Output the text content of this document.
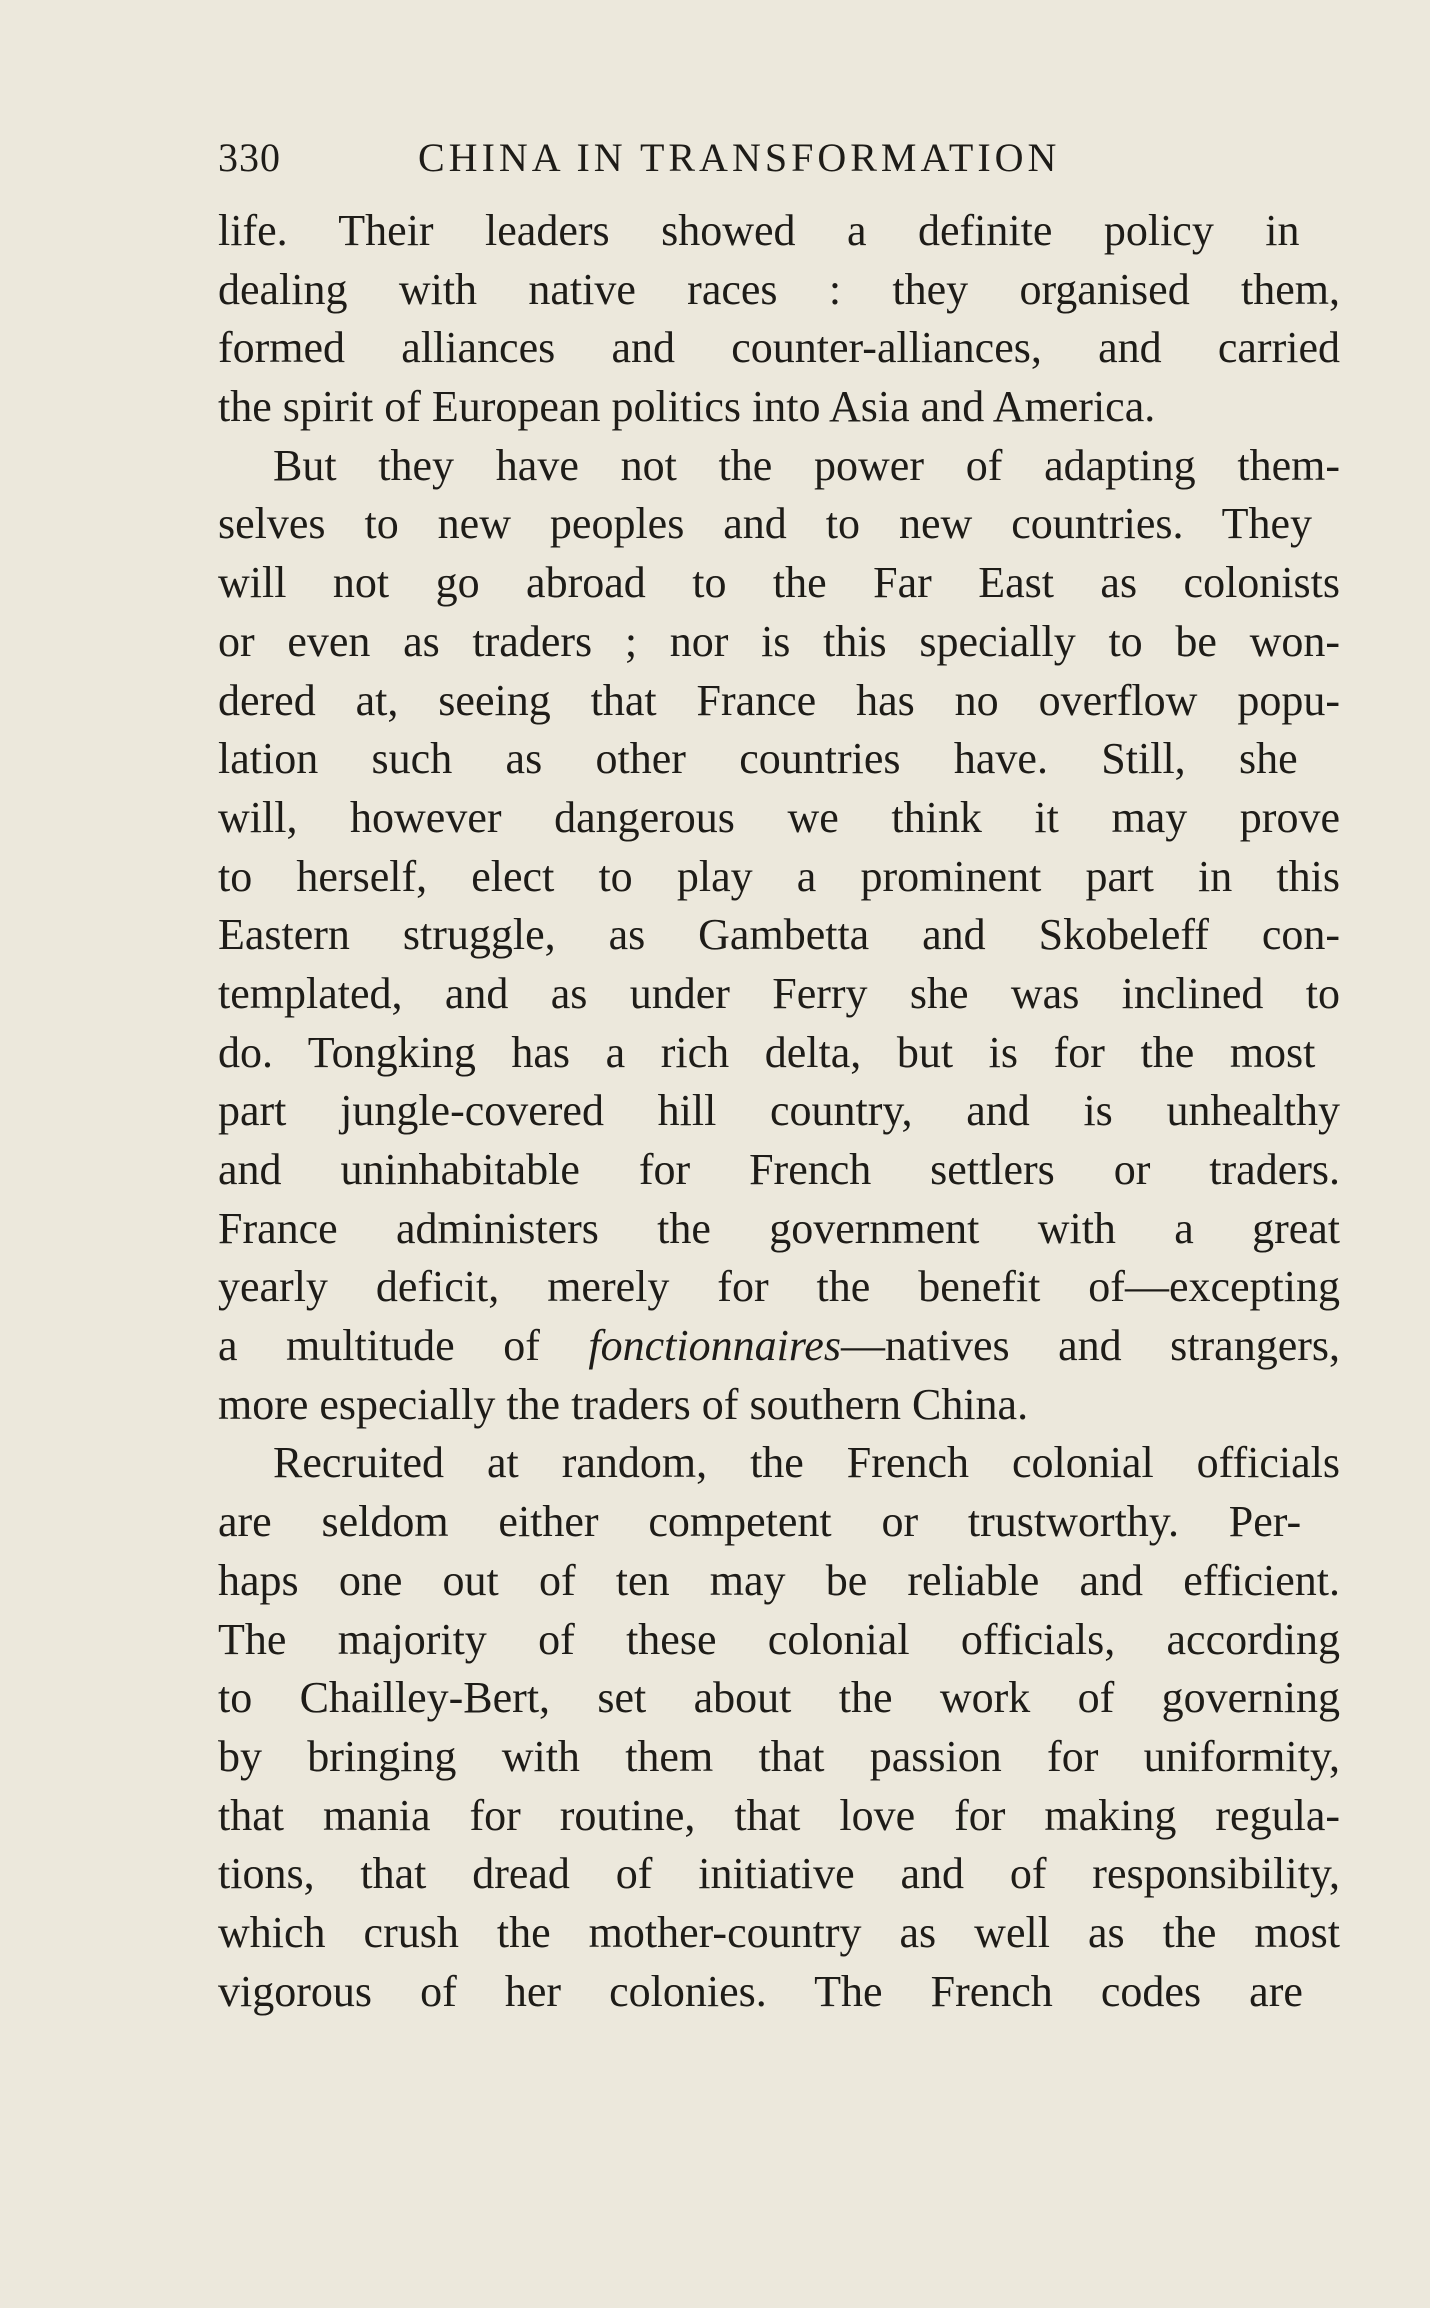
330	CHINA IN TRANSFORMATION
life. Their leaders showed a definite policy in
dealing with native races : they organised them,
formed alliances and counter-alliances, and carried
the spirit of European politics into Asia and America.
But they have not the power of adapting them-
selves to new peoples and to new countries. They
will not go abroad to the Far East as colonists
or even as traders ; nor is this specially to be won-
dered at, seeing that France has no overflow popu-
lation such as other countries have. Still, she
will, however dangerous we think it may prove
to herself, elect to play a prominent part in this
Eastern struggle, as Gambetta and Skobeleff con-
templated, and as under Ferry she was inclined to
do. Tongking has a rich delta, but is for the most
part jungle-covered hill country, and is unhealthy
and uninhabitable for French settlers or traders.
France administers the government with a great
yearly deficit, merely for the benefit of—excepting
a multitude of fonctionnaires—natives and strangers,
more especially the traders of southern China.
Recruited at random, the French colonial officials
are seldom either competent or trustworthy. Per-
haps one out of ten may be reliable and efficient.
The majority of these colonial officials, according
to Chailley-Bert, set about the work of governing
by bringing with them that passion for uniformity,
that mania for routine, that love for making regula-
tions, that dread of initiative and of responsibility,
which crush the mother-country as well as the most
vigorous of her colonies. The French codes are
